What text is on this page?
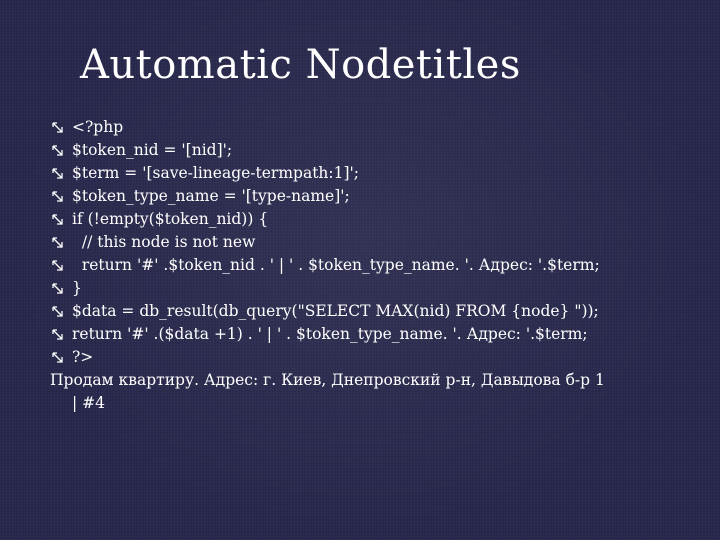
Automatic Nodetitles
<?php
$token_nid = '[nid]';
$term = '[save-lineage-termpath:1]';
$token_type_name = '[type-name]';
if (!empty($token_nid)) {
// this node is not new
return '#' .$token_nid . ' | ' . $token_type_name. '. Адрес: '.$term;
}
$data = db_result(db_query("SELECT MAX(nid) FROM {node} "));
return '#' .($data +1) . ' | ' . $token_type_name. '. Адрес: '.$term;
?>
Продам квартиру. Адрес: г. Киев, Днепровский р-н, Давыдова б-р 1
| #4
